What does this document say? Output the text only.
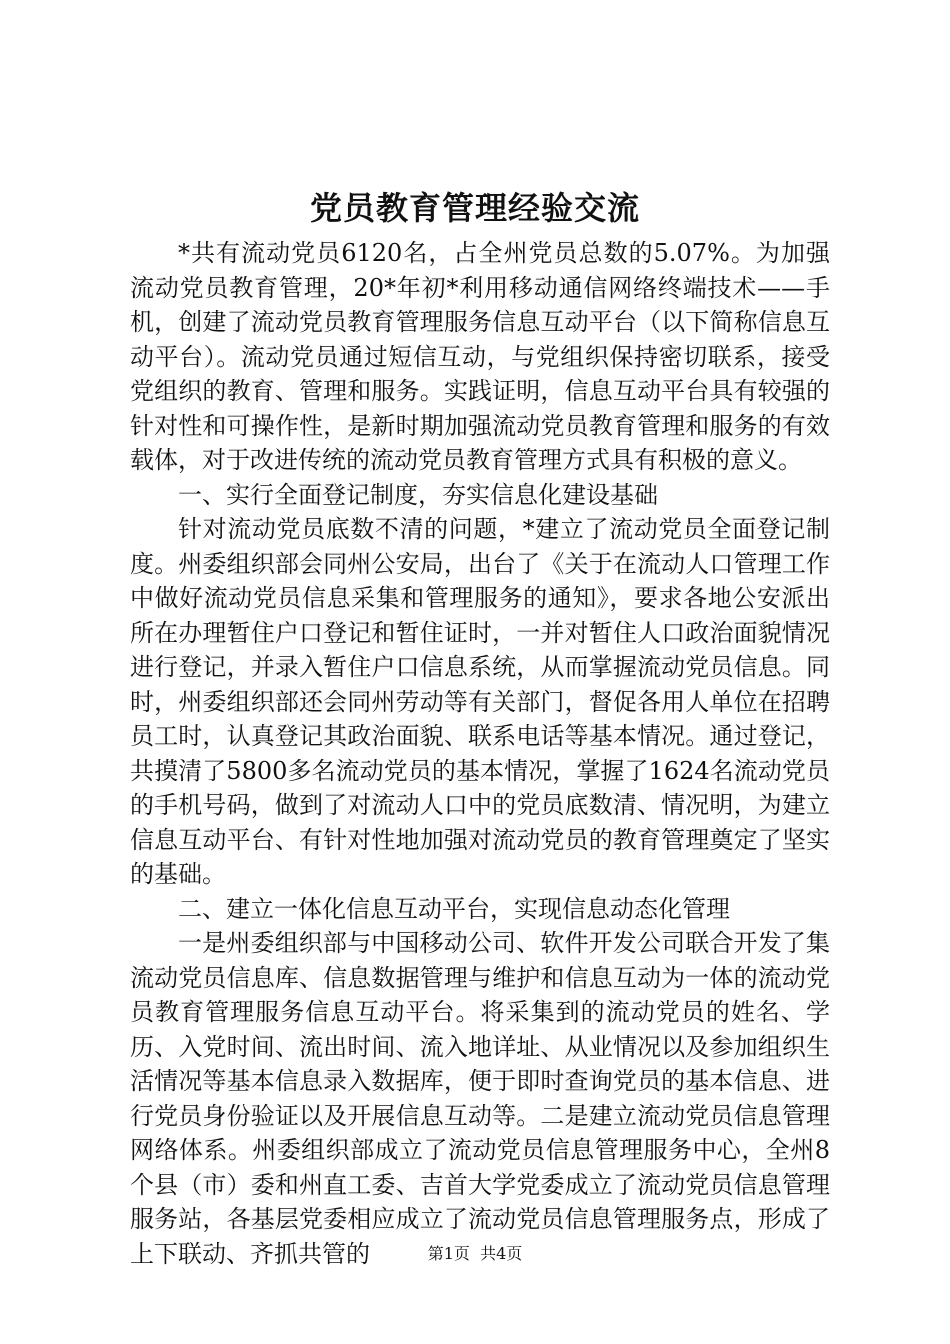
党员教育管理经验交流

*共有流动党员6120名，占全州党员总数的5.07%。为加强流动党员教育管理，20*年初*利用移动通信网络终端技术——手机，创建了流动党员教育管理服务信息互动平台（以下简称信息互动平台）。流动党员通过短信互动，与党组织保持密切联系，接受党组织的教育、管理和服务。实践证明，信息互动平台具有较强的针对性和可操作性，是新时期加强流动党员教育管理和服务的有效载体，对于改进传统的流动党员教育管理方式具有积极的意义。

一、实行全面登记制度，夯实信息化建设基础

针对流动党员底数不清的问题，*建立了流动党员全面登记制度。州委组织部会同州公安局，出台了《关于在流动人口管理工作中做好流动党员信息采集和管理服务的通知》，要求各地公安派出所在办理暂住户口登记和暂住证时，一并对暂住人口政治面貌情况进行登记，并录入暂住户口信息系统，从而掌握流动党员信息。同时，州委组织部还会同州劳动等有关部门，督促各用人单位在招聘员工时，认真登记其政治面貌、联系电话等基本情况。通过登记，共摸清了5800多名流动党员的基本情况，掌握了1624名流动党员的手机号码，做到了对流动人口中的党员底数清、情况明，为建立信息互动平台、有针对性地加强对流动党员的教育管理奠定了坚实的基础。

二、建立一体化信息互动平台，实现信息动态化管理

一是州委组织部与中国移动公司、软件开发公司联合开发了集流动党员信息库、信息数据管理与维护和信息互动为一体的流动党员教育管理服务信息互动平台。将采集到的流动党员的姓名、学历、入党时间、流出时间、流入地详址、从业情况以及参加组织生活情况等基本信息录入数据库，便于即时查询党员的基本信息、进行党员身份验证以及开展信息互动等。二是建立流动党员信息管理网络体系。州委组织部成立了流动党员信息管理服务中心，全州8个县（市）委和州直工委、吉首大学党委成立了流动党员信息管理服务站，各基层党委相应成立了流动党员信息管理服务点，形成了上下联动、齐抓共管的	第1页 共4页
